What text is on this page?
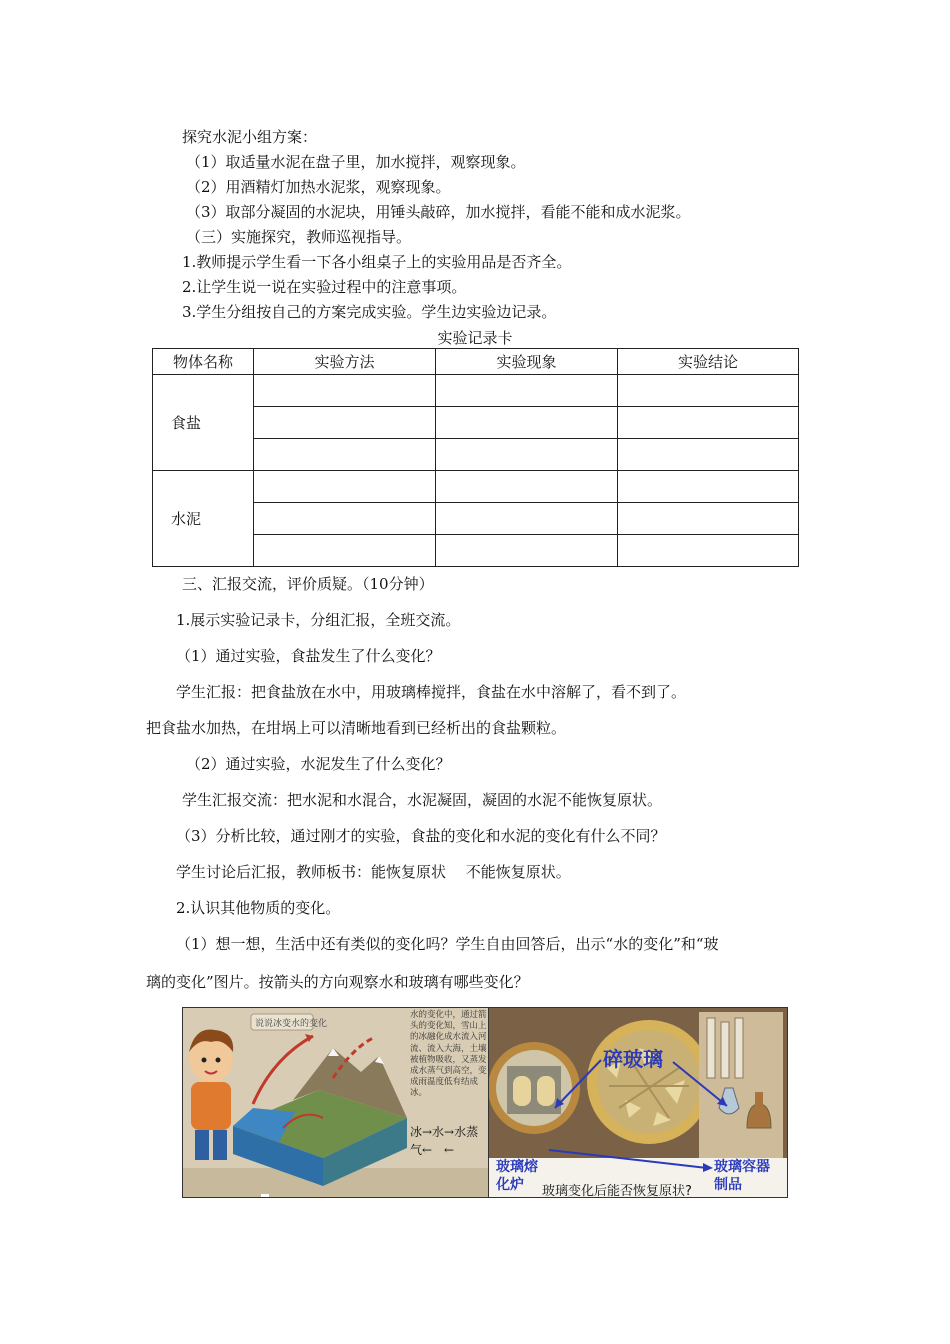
探究水泥小组方案：
（1）取适量水泥在盘子里，加水搅拌，观察现象。
（2）用酒精灯加热水泥浆，观察现象。
（3）取部分凝固的水泥块，用锤头敲碎，加水搅拌，看能不能和成水泥浆。
（三）实施探究，教师巡视指导。
1.教师提示学生看一下各小组桌子上的实验用品是否齐全。
2.让学生说一说在实验过程中的注意事项。
3.学生分组按自己的方案完成实验。学生边实验边记录。
实验记录卡
物体名称	实验方法	实验现象	实验结论
食盐			

水泥			

三、汇报交流，评价质疑。（10分钟）
1.展示实验记录卡，分组汇报，全班交流。
（1）通过实验，食盐发生了什么变化？
学生汇报：把食盐放在水中，用玻璃棒搅拌，食盐在水中溶解了，看不到了。
把食盐水加热，在坩埚上可以清晰地看到已经析出的食盐颗粒。
（2）通过实验，水泥发生了什么变化？
学生汇报交流：把水泥和水混合，水泥凝固，凝固的水泥不能恢复原状。
（3）分析比较，通过刚才的实验，食盐的变化和水泥的变化有什么不同？
学生讨论后汇报，教师板书：能恢复原状　 不能恢复原状。
2.认识其他物质的变化。
（1）想一想，生活中还有类似的变化吗？学生自由回答后，出示“水的变化”和“玻
璃的变化”图片。按箭头的方向观察水和玻璃有哪些变化？
说说冰变水的变化
水的变化中，通过箭头的变化知，雪山上的冰融化成水流入河流、流入大海，土壤被植物吸收，又蒸发成水蒸气到高空，变成雨温度低有结成冰。
冰→水→水蒸
气←　←
碎玻璃
玻璃熔化炉
玻璃容器制品
玻璃变化后能否恢复原状?
